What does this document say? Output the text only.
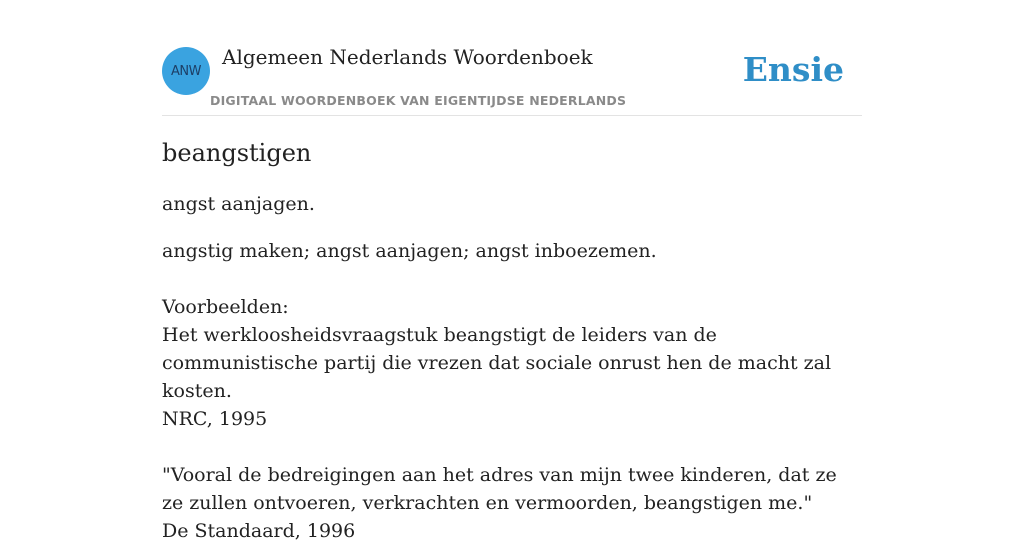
ANW
Algemeen Nederlands Woordenboek
DIGITAAL WOORDENBOEK VAN EIGENTIJDSE NEDERLANDS
Ensie
beangstigen

angst aanjagen.

angstig maken; angst aanjagen; angst inboezemen.

Voorbeelden:

Het werkloosheidsvraagstuk beangstigt de leiders van de communistische partij die vrezen dat sociale onrust hen de macht zal kosten.

NRC, 1995

"Vooral de bedreigingen aan het adres van mijn twee kinderen, dat ze ze zullen ontvoeren, verkrachten en vermoorden, beangstigen me."

De Standaard, 1996
